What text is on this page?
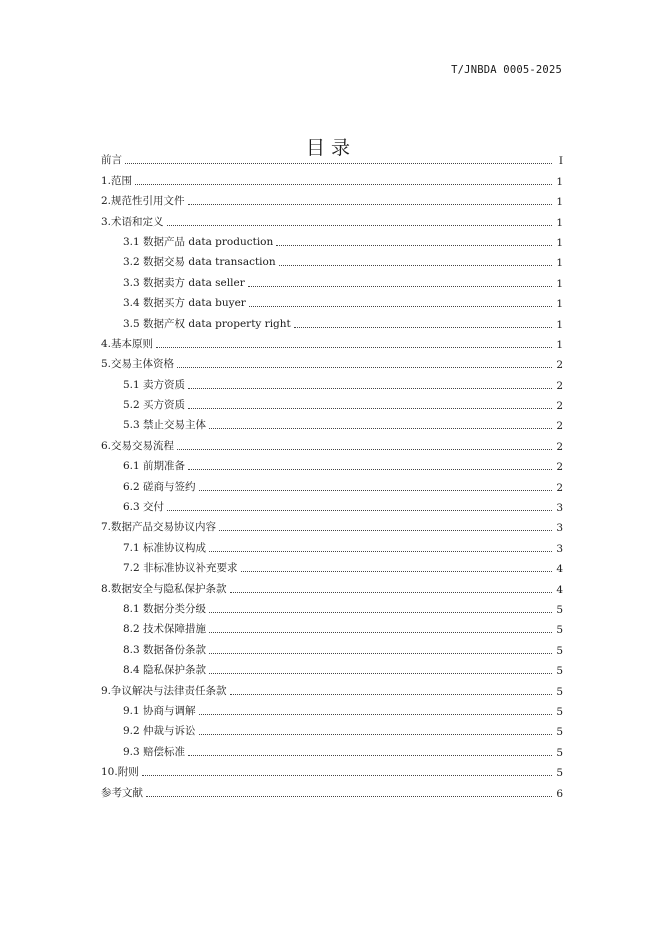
T/JNBDA 0005-2025
目录
前言	Ⅰ
1.范围	1
2.规范性引用文件	1
3.术语和定义	1
3.1 数据产品 data production	1
3.2 数据交易 data transaction	1
3.3 数据卖方 data seller	1
3.4 数据买方 data buyer	1
3.5 数据产权 data property right	1
4.基本原则	1
5.交易主体资格	2
5.1 卖方资质	2
5.2 买方资质	2
5.3 禁止交易主体	2
6.交易交易流程	2
6.1 前期准备	2
6.2 磋商与签约	2
6.3 交付	3
7.数据产品交易协议内容	3
7.1 标准协议构成	3
7.2 非标准协议补充要求	4
8.数据安全与隐私保护条款	4
8.1 数据分类分级	5
8.2 技术保障措施	5
8.3 数据备份条款	5
8.4 隐私保护条款	5
9.争议解决与法律责任条款	5
9.1 协商与调解	5
9.2 仲裁与诉讼	5
9.3 赔偿标准	5
10.附则	5
参考文献	6
